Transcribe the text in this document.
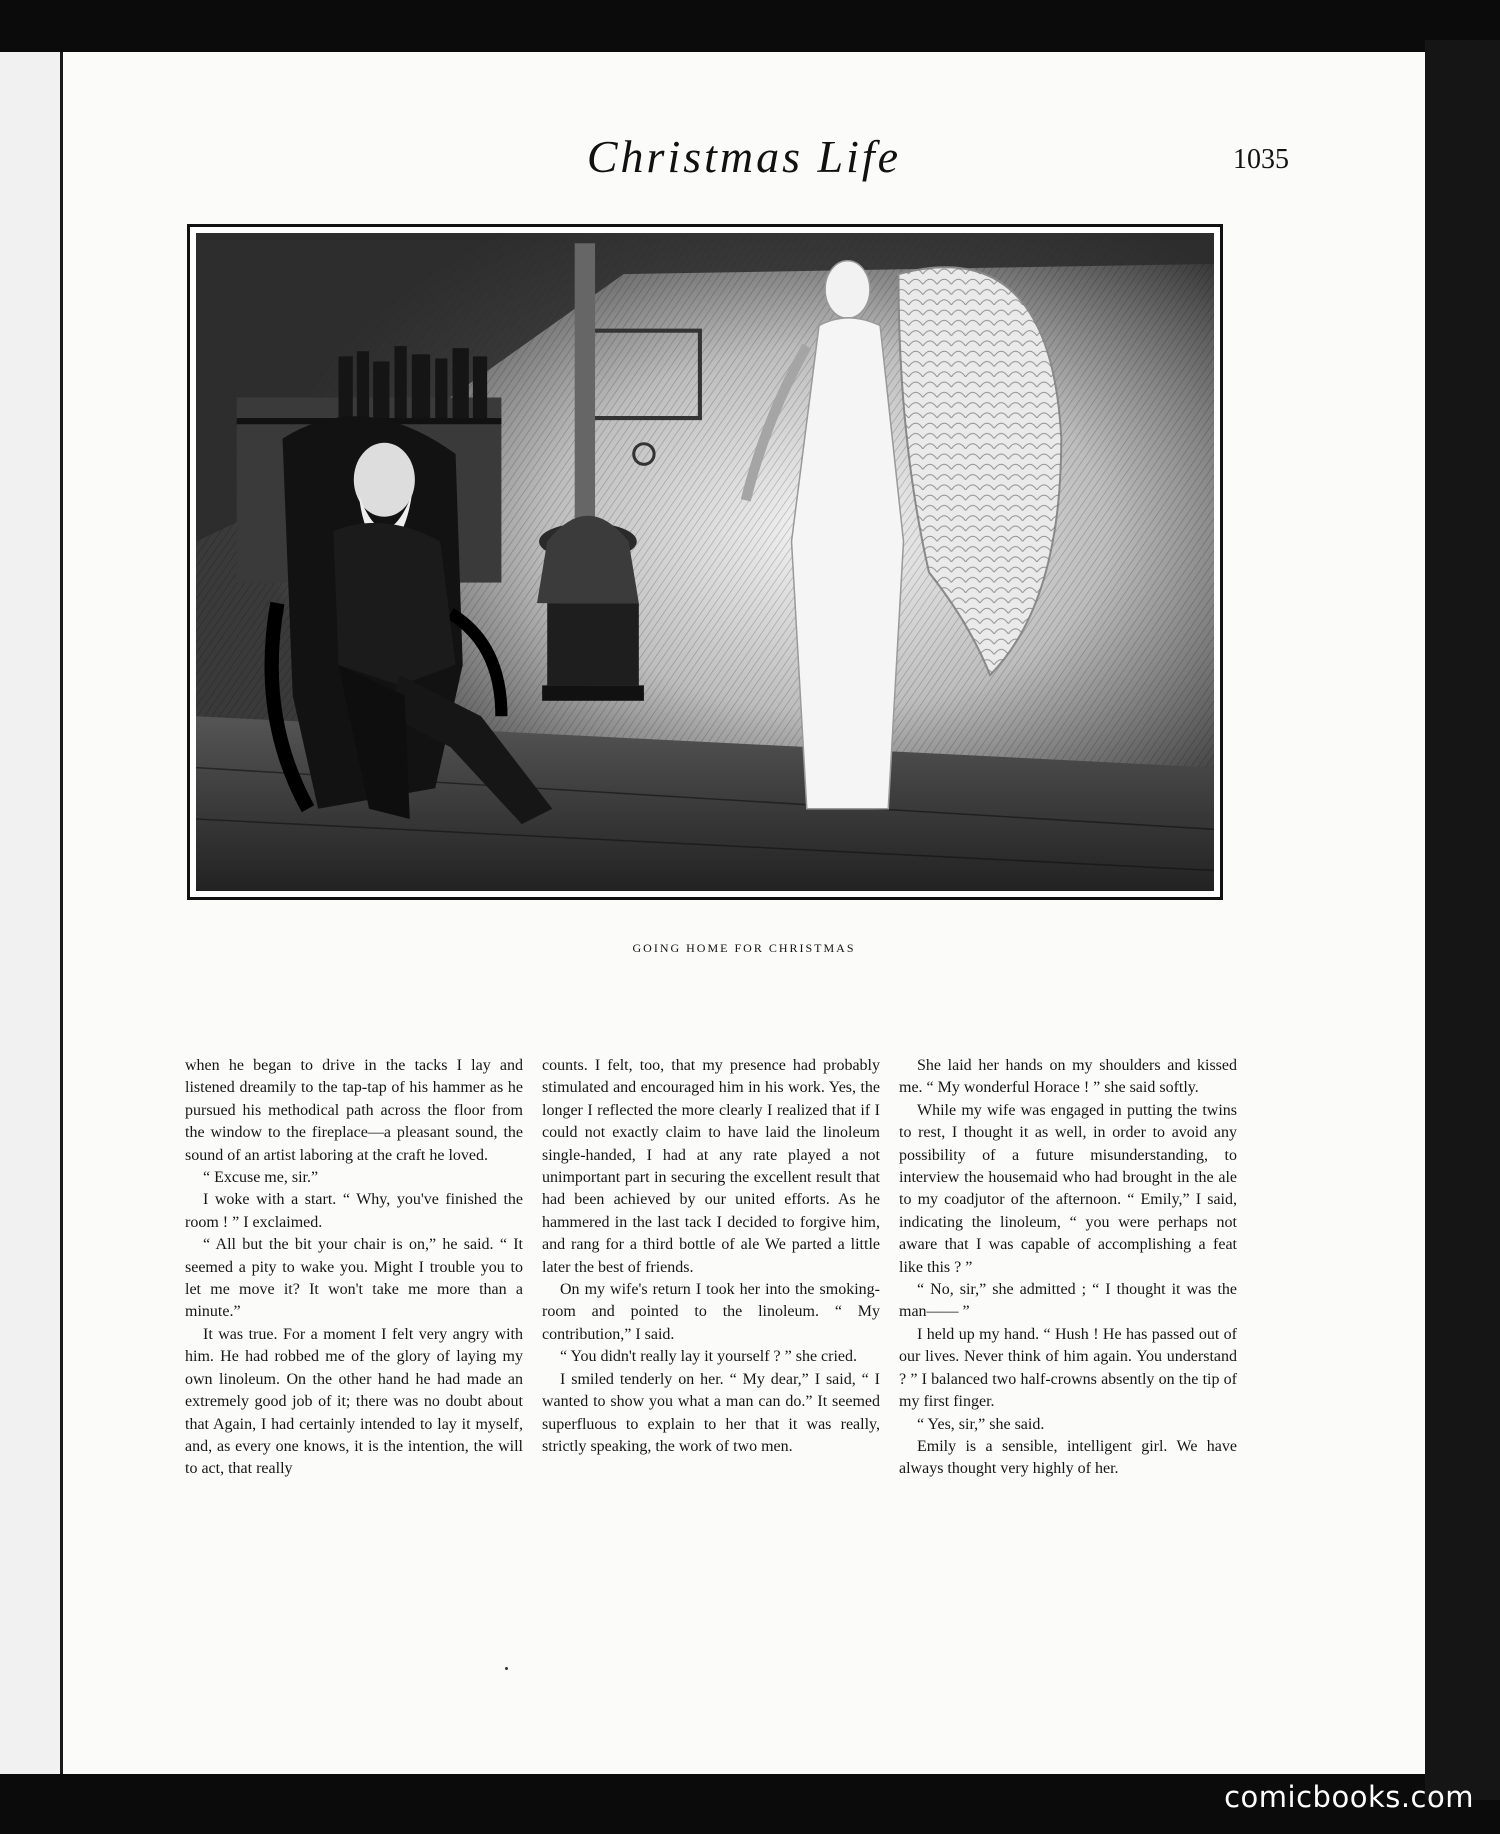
Christmas Life	1035
GOING HOME FOR CHRISTMAS

when he began to drive in the tacks I lay and listened dreamily to the tap-tap of his hammer as he pursued his methodical path across the floor from the window to the fireplace—a pleasant sound, the sound of an artist laboring at the craft he loved.

“ Excuse me, sir.”

I woke with a start. “ Why, you've finished the room ! ” I exclaimed.

“ All but the bit your chair is on,” he said. “ It seemed a pity to wake you. Might I trouble you to let me move it? It won't take me more than a minute.”

It was true. For a moment I felt very angry with him. He had robbed me of the glory of laying my own linoleum. On the other hand he had made an extremely good job of it; there was no doubt about that Again, I had certainly intended to lay it myself, and, as every one knows, it is the intention, the will to act, that really

counts. I felt, too, that my presence had probably stimulated and encouraged him in his work. Yes, the longer I reflected the more clearly I realized that if I could not exactly claim to have laid the linoleum single-handed, I had at any rate played a not unimportant part in securing the excellent result that had been achieved by our united efforts. As he hammered in the last tack I decided to forgive him, and rang for a third bottle of ale We parted a little later the best of friends.

On my wife's return I took her into the smoking-room and pointed to the linoleum. “ My contribution,” I said.

“ You didn't really lay it yourself ? ” she cried.

I smiled tenderly on her. “ My dear,” I said, “ I wanted to show you what a man can do.” It seemed superfluous to explain to her that it was really, strictly speaking, the work of two men.

She laid her hands on my shoulders and kissed me. “ My wonderful Horace ! ” she said softly.

While my wife was engaged in putting the twins to rest, I thought it as well, in order to avoid any possibility of a future misunderstanding, to interview the housemaid who had brought in the ale to my coadjutor of the afternoon. “ Emily,” I said, indicating the linoleum, “ you were perhaps not aware that I was capable of accomplishing a feat like this ? ”

“ No, sir,” she admitted ; “ I thought it was the man—— ”

I held up my hand. “ Hush ! He has passed out of our lives. Never think of him again. You understand ? ” I balanced two half-crowns absently on the tip of my first finger.

“ Yes, sir,” she said.

Emily is a sensible, intelligent girl. We have always thought very highly of her.

comicbooks.com
